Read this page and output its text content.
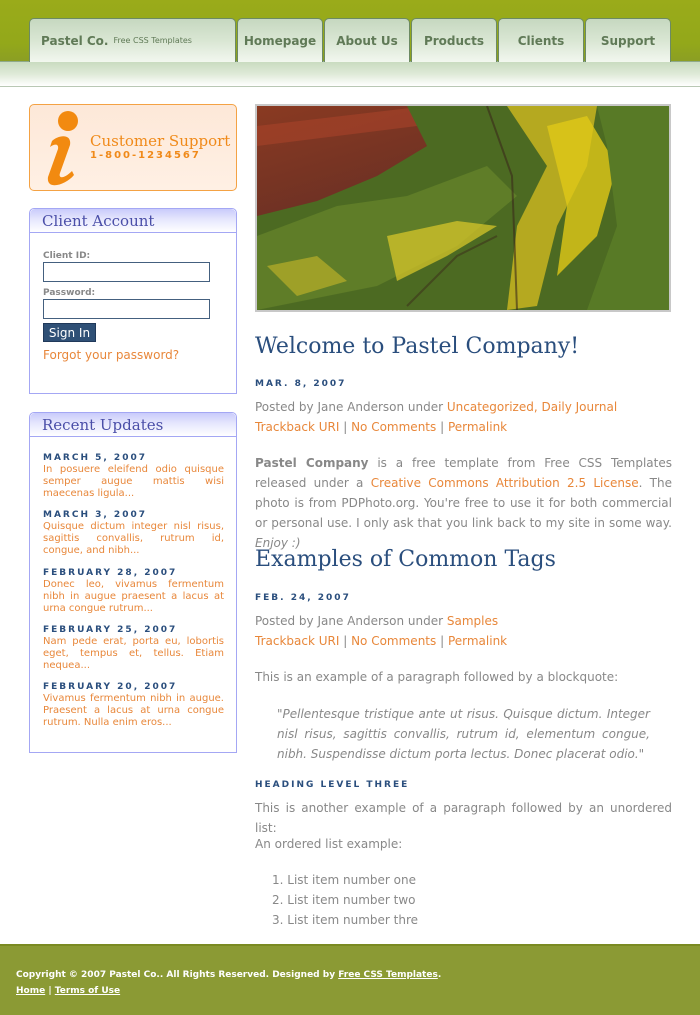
Pastel Co. Free CSS Templates	Homepage	About Us	Products	Clients	Support
Customer Support
1-800-1234567
Client Account
Client ID:
Password:
Sign In
Forgot your password?
Recent Updates
MARCH 5, 2007
In posuere eleifend odio quisque semper augue mattis wisi maecenas ligula...
MARCH 3, 2007
Quisque dictum integer nisl risus, sagittis convallis, rutrum id, congue, and nibh...
FEBRUARY 28, 2007
Donec leo, vivamus fermentum nibh in augue praesent a lacus at urna congue rutrum...
FEBRUARY 25, 2007
Nam pede erat, porta eu, lobortis eget, tempus et, tellus. Etiam nequea...
FEBRUARY 20, 2007
Vivamus fermentum nibh in augue. Praesent a lacus at urna congue rutrum. Nulla enim eros...
Welcome to Pastel Company!
MAR. 8, 2007
Posted by Jane Anderson under Uncategorized, Daily Journal
Trackback URI | No Comments | Permalink

Pastel Company is a free template from Free CSS Templates released under a Creative Commons Attribution 2.5 License. The photo is from PDPhoto.org. You're free to use it for both commercial or personal use. I only ask that you link back to my site in some way. Enjoy :)

Examples of Common Tags
FEB. 24, 2007
Posted by Jane Anderson under Samples
Trackback URI | No Comments | Permalink

This is an example of a paragraph followed by a blockquote:

"Pellentesque tristique ante ut risus. Quisque dictum. Integer nisl risus, sagittis convallis, rutrum id, elementum congue, nibh. Suspendisse dictum porta lectus. Donec placerat odio."
HEADING LEVEL THREE

This is another example of a paragraph followed by an unordered list:

An ordered list example:

1. List item number one
2. List item number two
3. List item number thre
Copyright © 2007 Pastel Co.. All Rights Reserved. Designed by Free CSS Templates.
Home | Terms of Use
